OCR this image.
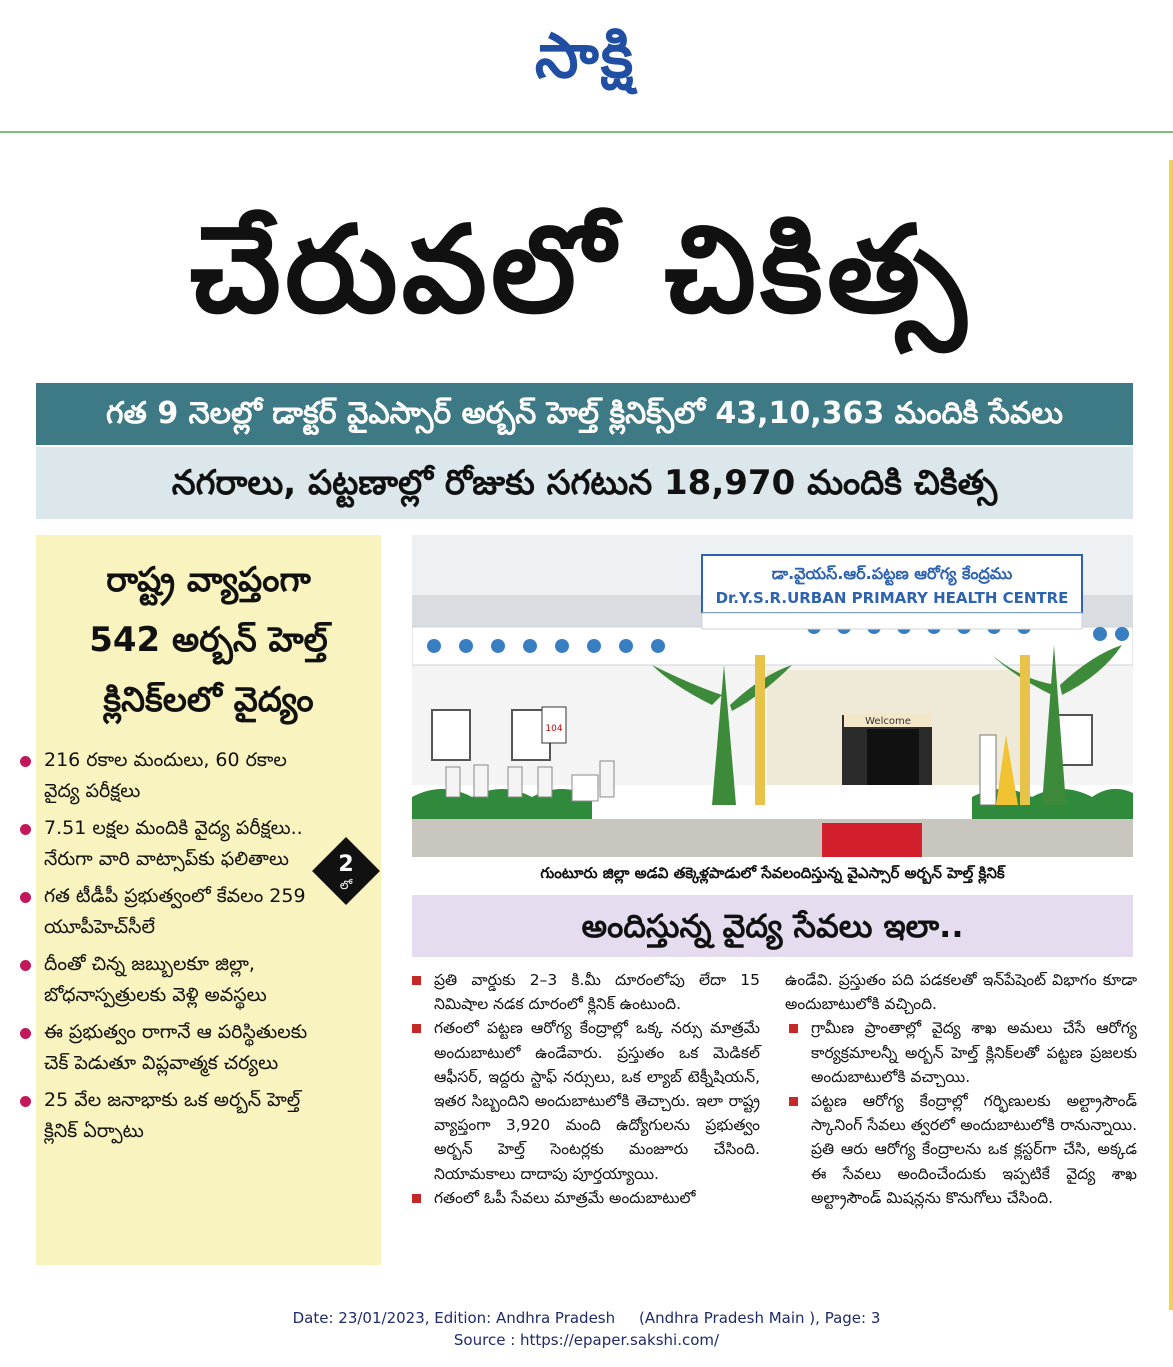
సాక్షి
చేరువలో చికిత్స
గత 9 నెలల్లో డాక్టర్ వైఎస్సార్ అర్బన్ హెల్త్ క్లినిక్స్‌లో 43,10,363 మందికి సేవలు
నగరాలు, పట్టణాల్లో రోజుకు సగటున 18,970 మందికి చికిత్స
రాష్ట్ర వ్యాప్తంగా
542 అర్బన్ హెల్త్
క్లినిక్‌లలో వైద్యం
216 రకాల మందులు, 60 రకాల వైద్య పరీక్షలు
7.51 లక్షల మందికి వైద్య పరీక్షలు.. నేరుగా వారి వాట్సాప్‌కు ఫలితాలు
గత టీడీపీ ప్రభుత్వంలో కేవలం 259 యూపీహెచ్‌సీలే
దీంతో చిన్న జబ్బులకూ జిల్లా, బోధనాస్పత్రులకు వెళ్లి అవస్థలు
ఈ ప్రభుత్వం రాగానే ఆ పరిస్థితులకు చెక్ పెడుతూ విప్లవాత్మక చర్యలు
25 వేల జనాభాకు ఒక అర్బన్ హెల్త్ క్లినిక్ ఏర్పాటు
2
లో
డా.వైయస్.ఆర్.పట్టణ ఆరోగ్య కేంద్రము
Dr.Y.S.R.URBAN PRIMARY HEALTH CENTRE
Welcome
104
గుంటూరు జిల్లా అడవి తక్కెళ్లపాడులో సేవలందిస్తున్న వైఎస్సార్ అర్బన్ హెల్త్ క్లినిక్
అందిస్తున్న వైద్య సేవలు ఇలా..
ప్రతి వార్డుకు 2–3 కి.మీ దూరంలోపు లేదా 15 నిమిషాల నడక దూరంలో క్లినిక్ ఉంటుంది.
గతంలో పట్టణ ఆరోగ్య కేంద్రాల్లో ఒక్క నర్సు మాత్రమే అందుబాటులో ఉండేవారు. ప్రస్తుతం ఒక మెడికల్ ఆఫీసర్, ఇద్దరు స్టాఫ్ నర్సులు, ఒక ల్యాబ్ టెక్నీషియన్, ఇతర సిబ్బందిని అందుబాటులోకి తెచ్చారు. ఇలా రాష్ట్ర వ్యాప్తంగా 3,920 మంది ఉద్యోగులను ప్రభుత్వం అర్బన్ హెల్త్ సెంటర్లకు మంజూరు చేసింది. నియామకాలు దాదాపు పూర్తయ్యాయి.
గతంలో ఓపీ సేవలు మాత్రమే అందుబాటులో
ఉండేవి. ప్రస్తుతం పది పడకలతో ఇన్‌పేషెంట్ విభాగం కూడా అందుబాటులోకి వచ్చింది.
గ్రామీణ ప్రాంతాల్లో వైద్య శాఖ అమలు చేసే ఆరోగ్య కార్యక్రమాలన్నీ అర్బన్ హెల్త్ క్లినిక్‌లతో పట్టణ ప్రజలకు అందుబాటులోకి వచ్చాయి.
పట్టణ ఆరోగ్య కేంద్రాల్లో గర్భిణులకు అల్ట్రాసౌండ్ స్కానింగ్ సేవలు త్వరలో అందుబాటులోకి రానున్నాయి. ప్రతి ఆరు ఆరోగ్య కేంద్రాలను ఒక క్లస్టర్‌గా చేసి, అక్కడ ఈ సేవలు అందించేందుకు ఇప్పటికే వైద్య శాఖ అల్ట్రాసౌండ్ మిషన్లను కొనుగోలు చేసింది.
Date: 23/01/2023, Edition: Andhra Pradesh     (Andhra Pradesh Main ), Page: 3
Source : https://epaper.sakshi.com/
